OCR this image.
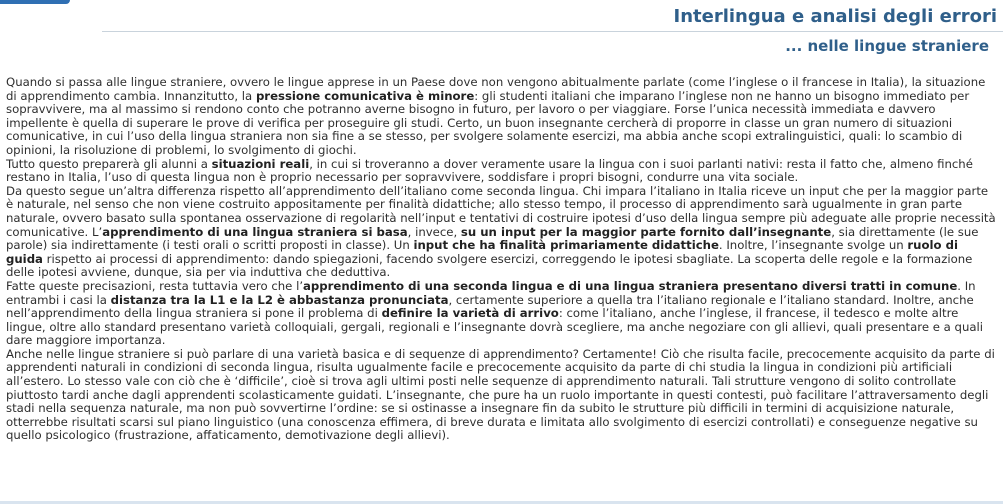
Interlingua e analisi degli errori
... nelle lingue straniere

Quando si passa alle lingue straniere, ovvero le lingue apprese in un Paese dove non vengono abitualmente parlate (come l’inglese o il francese in Italia), la situazione di apprendimento cambia. Innanzitutto, la pressione comunicativa è minore: gli studenti italiani che imparano l’inglese non ne hanno un bisogno immediato per sopravvivere, ma al massimo si rendono conto che potranno averne bisogno in futuro, per lavoro o per viaggiare. Forse l’unica necessità immediata e davvero impellente è quella di superare le prove di verifica per proseguire gli studi. Certo, un buon insegnante cercherà di proporre in classe un gran numero di situazioni comunicative, in cui l’uso della lingua straniera non sia fine a se stesso, per svolgere solamente esercizi, ma abbia anche scopi extralinguistici, quali: lo scambio di opinioni, la risoluzione di problemi, lo svolgimento di giochi.

Tutto questo preparerà gli alunni a situazioni reali, in cui si troveranno a dover veramente usare la lingua con i suoi parlanti nativi: resta il fatto che, almeno finché restano in Italia, l’uso di questa lingua non è proprio necessario per sopravvivere, soddisfare i propri bisogni, condurre una vita sociale.

Da questo segue un’altra differenza rispetto all’apprendimento dell’italiano come seconda lingua. Chi impara l’italiano in Italia riceve un input che per la maggior parte è naturale, nel senso che non viene costruito appositamente per finalità didattiche; allo stesso tempo, il processo di apprendimento sarà ugualmente in gran parte naturale, ovvero basato sulla spontanea osservazione di regolarità nell’input e tentativi di costruire ipotesi d’uso della lingua sempre più adeguate alle proprie necessità comunicative. L’apprendimento di una lingua straniera si basa, invece, su un input per la maggior parte fornito dall’insegnante, sia direttamente (le sue parole) sia indirettamente (i testi orali o scritti proposti in classe). Un input che ha finalità primariamente didattiche. Inoltre, l’insegnante svolge un ruolo di guida rispetto ai processi di apprendimento: dando spiegazioni, facendo svolgere esercizi, correggendo le ipotesi sbagliate. La scoperta delle regole e la formazione delle ipotesi avviene, dunque, sia per via induttiva che deduttiva.

Fatte queste precisazioni, resta tuttavia vero che l’apprendimento di una seconda lingua e di una lingua straniera presentano diversi tratti in comune. In entrambi i casi la distanza tra la L1 e la L2 è abbastanza pronunciata, certamente superiore a quella tra l’italiano regionale e l’italiano standard. Inoltre, anche nell’apprendimento della lingua straniera si pone il problema di definire la varietà di arrivo: come l’italiano, anche l’inglese, il francese, il tedesco e molte altre lingue, oltre allo standard presentano varietà colloquiali, gergali, regionali e l’insegnante dovrà scegliere, ma anche negoziare con gli allievi, quali presentare e a quali dare maggiore importanza.

Anche nelle lingue straniere si può parlare di una varietà basica e di sequenze di apprendimento? Certamente! Ciò che risulta facile, precocemente acquisito da parte di apprendenti naturali in condizioni di seconda lingua, risulta ugualmente facile e precocemente acquisito da parte di chi studia la lingua in condizioni più artificiali all’estero. Lo stesso vale con ciò che è ‘difficile’, cioè si trova agli ultimi posti nelle sequenze di apprendimento naturali. Tali strutture vengono di solito controllate piuttosto tardi anche dagli apprendenti scolasticamente guidati. L’insegnante, che pure ha un ruolo importante in questi contesti, può facilitare l’attraversamento degli stadi nella sequenza naturale, ma non può sovvertirne l’ordine: se si ostinasse a insegnare fin da subito le strutture più difficili in termini di acquisizione naturale, otterrebbe risultati scarsi sul piano linguistico (una conoscenza effimera, di breve durata e limitata allo svolgimento di esercizi controllati) e conseguenze negative su quello psicologico (frustrazione, affaticamento, demotivazione degli allievi).
